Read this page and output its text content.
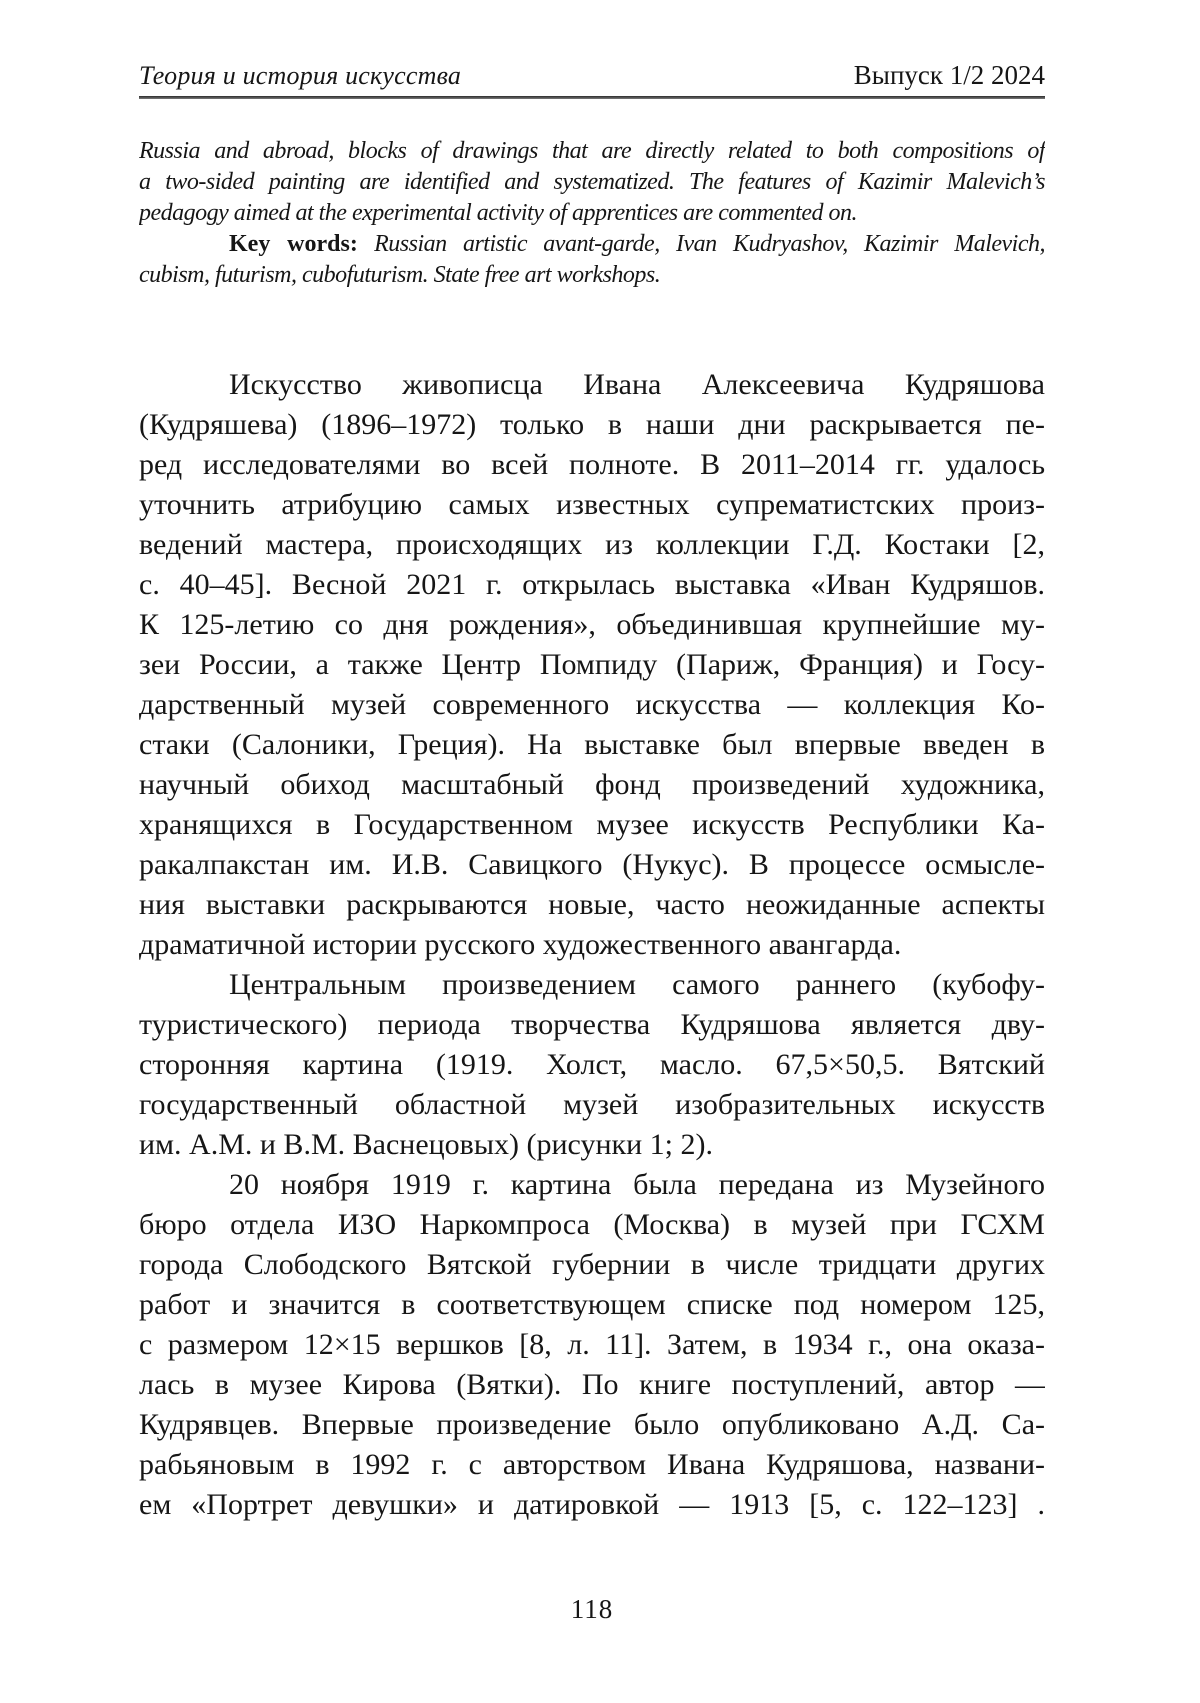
Теория и история искусства	Выпуск 1/2 2024
Russia and abroad, blocks of drawings that are directly related to both compositions of
a two-sided painting are identified and systematized. The features of Kazimir Malevich’s
pedagogy aimed at the experimental activity of apprentices are commented on.
Key words: Russian artistic avant-garde, Ivan Kudryashov, Kazimir Malevich,
cubism, futurism, cubofuturism. State free art workshops.
Искусство живописца Ивана Алексеевича Кудряшова
(Кудряшева) (1896–1972) только в наши дни раскрывается пе-
ред исследователями во всей полноте. В 2011–2014 гг. удалось
уточнить атрибуцию самых известных супрематистских произ-
ведений мастера, происходящих из коллекции Г.Д. Костаки [2,
с. 40–45]. Весной 2021 г. открылась выставка «Иван Кудряшов.
К 125-летию со дня рождения», объединившая крупнейшие му-
зеи России, а также Центр Помпиду (Париж, Франция) и Госу-
дарственный музей современного искусства — коллекция Ко-
стаки (Салоники, Греция). На выставке был впервые введен в
научный обиход масштабный фонд произведений художника,
хранящихся в Государственном музее искусств Республики Ка-
ракалпакстан им. И.В. Савицкого (Нукус). В процессе осмысле-
ния выставки раскрываются новые, часто неожиданные аспекты
драматичной истории русского художественного авангарда.
Центральным произведением самого раннего (кубофу-
туристического) периода творчества Кудряшова является дву-
сторонняя картина (1919. Холст, масло. 67,5×50,5. Вятский
государственный областной музей изобразительных искусств
им. А.М. и В.М. Васнецовых) (рисунки 1; 2).
20 ноября 1919 г. картина была передана из Музейного
бюро отдела ИЗО Наркомпроса (Москва) в музей при ГСХМ
города Слободского Вятской губернии в числе тридцати других
работ и значится в соответствующем списке под номером 125,
с размером 12×15 вершков [8, л. 11]. Затем, в 1934 г., она оказа-
лась в музее Кирова (Вятки). По книге поступлений, автор —
Кудрявцев. Впервые произведение было опубликовано А.Д. Са-
рабьяновым в 1992 г. с авторством Ивана Кудряшова, названи-
ем «Портрет девушки» и датировкой — 1913 [5, с. 122–123] .
118
